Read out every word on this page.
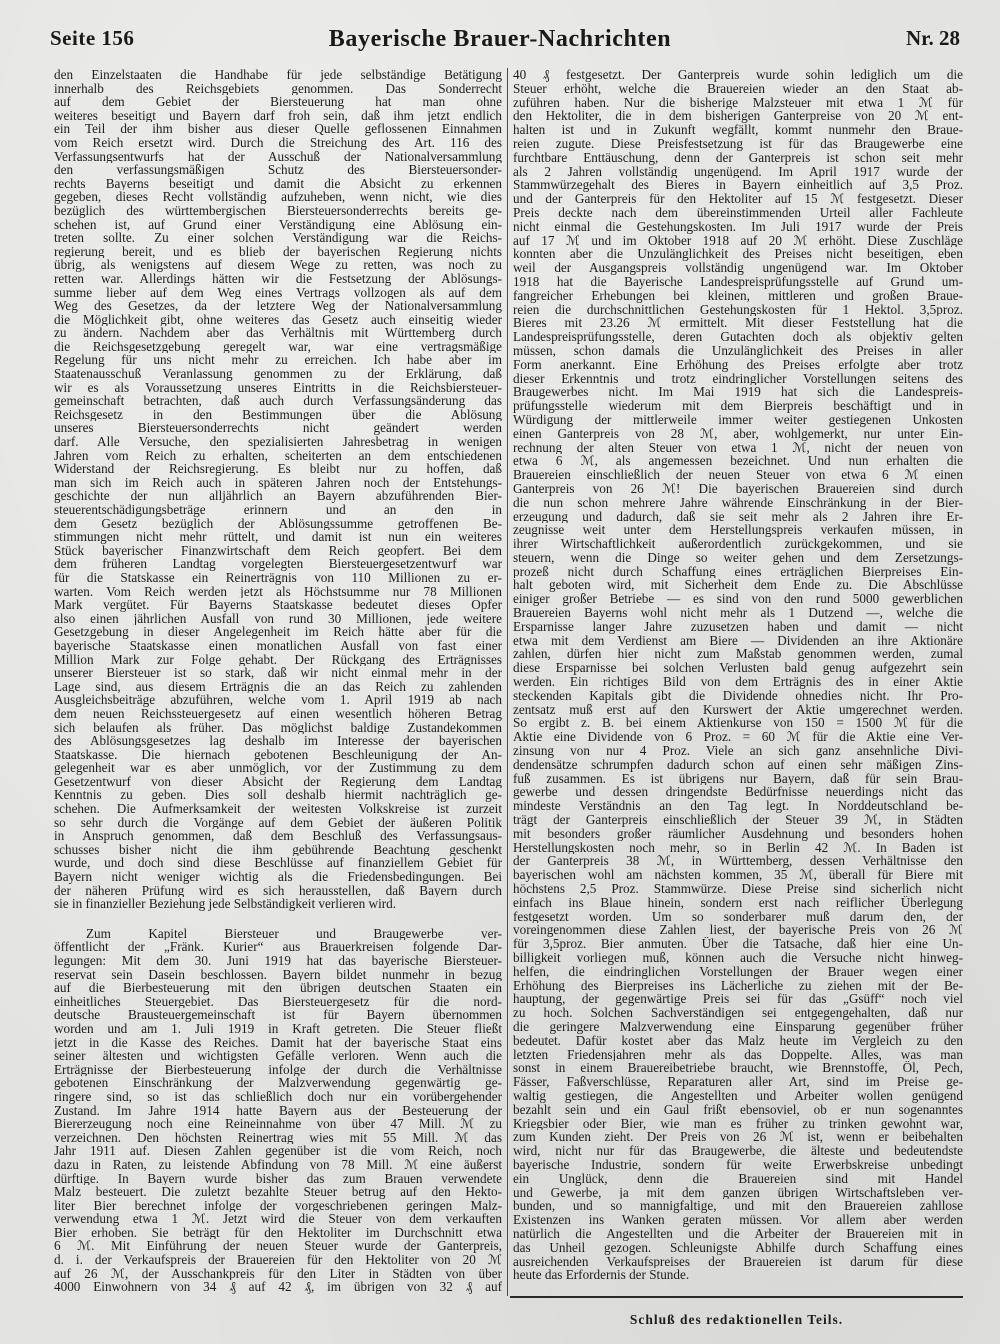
Seite 156	Bayerische Brauer-Nachrichten	Nr. 28
den Einzelstaaten die Handhabe für jede selbständige Betätigung
innerhalb des Reichsgebiets genommen. Das Sonderrecht
auf dem Gebiet der Biersteuerung hat man ohne
weiteres beseitigt und Bayern darf froh sein, daß ihm jetzt endlich
ein Teil der ihm bisher aus dieser Quelle geflossenen Einnahmen
vom Reich ersetzt wird. Durch die Streichung des Art. 116 des
Verfassungsentwurfs hat der Ausschuß der Nationalversammlung
den verfassungsmäßigen Schutz des Biersteuersonder-
rechts Bayerns beseitigt und damit die Absicht zu erkennen
gegeben, dieses Recht vollständig aufzuheben, wenn nicht, wie dies
bezüglich des württembergischen Biersteuersonderrechts bereits ge-
schehen ist, auf Grund einer Verständigung eine Ablösung ein-
treten sollte. Zu einer solchen Verständigung war die Reichs-
regierung bereit, und es blieb der bayerischen Regierung nichts
übrig, als wenigstens auf diesem Wege zu retten, was noch zu
retten war. Allerdings hätten wir die Festsetzung der Ablösungs-
summe lieber auf dem Weg eines Vertrags vollzogen als auf dem
Weg des Gesetzes, da der letztere Weg der Nationalversammlung
die Möglichkeit gibt, ohne weiteres das Gesetz auch einseitig wieder
zu ändern. Nachdem aber das Verhältnis mit Württemberg durch
die Reichsgesetzgebung geregelt war, war eine vertragsmäßige
Regelung für uns nicht mehr zu erreichen. Ich habe aber im
Staatenausschuß Veranlassung genommen zu der Erklärung, daß
wir es als Voraussetzung unseres Eintritts in die Reichsbiersteuer-
gemeinschaft betrachten, daß auch durch Verfassungsänderung das
Reichsgesetz in den Bestimmungen über die Ablösung
unseres Biersteuersonderrechts nicht geändert werden
darf. Alle Versuche, den spezialisierten Jahresbetrag in wenigen
Jahren vom Reich zu erhalten, scheiterten an dem entschiedenen
Widerstand der Reichsregierung. Es bleibt nur zu hoffen, daß
man sich im Reich auch in späteren Jahren noch der Entstehungs-
geschichte der nun alljährlich an Bayern abzuführenden Bier-
steuerentschädigungsbeträge erinnern und an den in
dem Gesetz bezüglich der Ablösungssumme getroffenen Be-
stimmungen nicht mehr rüttelt, und damit ist nun ein weiteres
Stück bayerischer Finanzwirtschaft dem Reich geopfert. Bei dem
dem früheren Landtag vorgelegten Biersteuergesetzentwurf war
für die Statskasse ein Reinerträgnis von 110 Millionen zu er-
warten. Vom Reich werden jetzt als Höchstsumme nur 78 Millionen
Mark vergütet. Für Bayerns Staatskasse bedeutet dieses Opfer
also einen jährlichen Ausfall von rund 30 Millionen, jede weitere
Gesetzgebung in dieser Angelegenheit im Reich hätte aber für die
bayerische Staatskasse einen monatlichen Ausfall von fast einer
Million Mark zur Folge gehabt. Der Rückgang des Erträgnisses
unserer Biersteuer ist so stark, daß wir nicht einmal mehr in der
Lage sind, aus diesem Erträgnis die an das Reich zu zahlenden
Ausgleichsbeiträge abzuführen, welche vom 1. April 1919 ab nach
dem neuen Reichssteuergesetz auf einen wesentlich höheren Betrag
sich belaufen als früher. Das möglichst baldige Zustandekommen
des Ablösungsgesetzes lag deshalb im Interesse der bayerischen
Staatskasse. Die hiernach gebotenen Beschleunigung der An-
gelegenheit war es aber unmöglich, vor der Zustimmung zu dem
Gesetzentwurf von dieser Absicht der Regierung dem Landtag
Kenntnis zu geben. Dies soll deshalb hiermit nachträglich ge-
schehen. Die Aufmerksamkeit der weitesten Volkskreise ist zurzeit
so sehr durch die Vorgänge auf dem Gebiet der äußeren Politik
in Anspruch genommen, daß dem Beschluß des Verfassungsaus-
schusses bisher nicht die ihm gebührende Beachtung geschenkt
wurde, und doch sind diese Beschlüsse auf finanziellem Gebiet für
Bayern nicht weniger wichtig als die Friedensbedingungen. Bei
der näheren Prüfung wird es sich herausstellen, daß Bayern durch
sie in finanzieller Beziehung jede Selbständigkeit verlieren wird.
Zum Kapitel Biersteuer und Braugewerbe ver-
öffentlicht der „Fränk. Kurier“ aus Brauerkreisen folgende Dar-
legungen: Mit dem 30. Juni 1919 hat das bayerische Biersteuer-
reservat sein Dasein beschlossen. Bayern bildet nunmehr in bezug
auf die Bierbesteuerung mit den übrigen deutschen Staaten ein
einheitliches Steuergebiet. Das Biersteuergesetz für die nord-
deutsche Brausteuergemeinschaft ist für Bayern übernommen
worden und am 1. Juli 1919 in Kraft getreten. Die Steuer fließt
jetzt in die Kasse des Reiches. Damit hat der bayerische Staat eins
seiner ältesten und wichtigsten Gefälle verloren. Wenn auch die
Erträgnisse der Bierbesteuerung infolge der durch die Verhältnisse
gebotenen Einschränkung der Malzverwendung gegenwärtig ge-
ringere sind, so ist das schließlich doch nur ein vorübergehender
Zustand. Im Jahre 1914 hatte Bayern aus der Besteuerung der
Biererzeugung noch eine Reineinnahme von über 47 Mill. ℳ zu
verzeichnen. Den höchsten Reinertrag wies mit 55 Mill. ℳ das
Jahr 1911 auf. Diesen Zahlen gegenüber ist die vom Reich, noch
dazu in Raten, zu leistende Abfindung von 78 Mill. ℳ eine äußerst
dürftige. In Bayern wurde bisher das zum Brauen verwendete
Malz besteuert. Die zuletzt bezahlte Steuer betrug auf den Hekto-
liter Bier berechnet infolge der vorgeschriebenen geringen Malz-
verwendung etwa 1 ℳ. Jetzt wird die Steuer von dem verkauften
Bier erhoben. Sie beträgt für den Hektoliter im Durchschnitt etwa
6 ℳ. Mit Einführung der neuen Steuer wurde der Ganterpreis,
d. i. der Verkaufspreis der Brauereien für den Hektoliter von 20 ℳ
auf 26 ℳ, der Ausschankpreis für den Liter in Städten von über
4000 Einwohnern von 34 ₰ auf 42 ₰, im übrigen von 32 ₰ auf
40 ₰ festgesetzt. Der Ganterpreis wurde sohin lediglich um die
Steuer erhöht, welche die Brauereien wieder an den Staat ab-
zuführen haben. Nur die bisherige Malzsteuer mit etwa 1 ℳ für
den Hektoliter, die in dem bisherigen Ganterpreise von 20 ℳ ent-
halten ist und in Zukunft wegfällt, kommt nunmehr den Braue-
reien zugute. Diese Preisfestsetzung ist für das Braugewerbe eine
furchtbare Enttäuschung, denn der Ganterpreis ist schon seit mehr
als 2 Jahren vollständig ungenügend. Im April 1917 wurde der
Stammwürzegehalt des Bieres in Bayern einheitlich auf 3,5 Proz.
und der Ganterpreis für den Hektoliter auf 15 ℳ festgesetzt. Dieser
Preis deckte nach dem übereinstimmenden Urteil aller Fachleute
nicht einmal die Gestehungskosten. Im Juli 1917 wurde der Preis
auf 17 ℳ und im Oktober 1918 auf 20 ℳ erhöht. Diese Zuschläge
konnten aber die Unzulänglichkeit des Preises nicht beseitigen, eben
weil der Ausgangspreis vollständig ungenügend war. Im Oktober
1918 hat die Bayerische Landespreisprüfungsstelle auf Grund um-
fangreicher Erhebungen bei kleinen, mittleren und großen Braue-
reien die durchschnittlichen Gestehungskosten für 1 Hektol. 3,5proz.
Bieres mit 23.26 ℳ ermittelt. Mit dieser Feststellung hat die
Landespreisprüfungsstelle, deren Gutachten doch als objektiv gelten
müssen, schon damals die Unzulänglichkeit des Preises in aller
Form anerkannt. Eine Erhöhung des Preises erfolgte aber trotz
dieser Erkenntnis und trotz eindringlicher Vorstellungen seitens des
Braugewerbes nicht. Im Mai 1919 hat sich die Landespreis-
prüfungsstelle wiederum mit dem Bierpreis beschäftigt und in
Würdigung der mittlerweile immer weiter gestiegenen Unkosten
einen Ganterpreis von 28 ℳ, aber, wohlgemerkt, nur unter Ein-
rechnung der alten Steuer von etwa 1 ℳ, nicht der neuen von
etwa 6 ℳ, als angemessen bezeichnet. Und nun erhalten die
Brauereien einschließlich der neuen Steuer von etwa 6 ℳ einen
Ganterpreis von 26 ℳ! Die bayerischen Brauereien sind durch
die nun schon mehrere Jahre währende Einschränkung in der Bier-
erzeugung und dadurch, daß sie seit mehr als 2 Jahren ihre Er-
zeugnisse weit unter dem Herstellungspreis verkaufen müssen, in
ihrer Wirtschaftlichkeit außerordentlich zurückgekommen, und sie
steuern, wenn die Dinge so weiter gehen und dem Zersetzungs-
prozeß nicht durch Schaffung eines erträglichen Bierpreises Ein-
halt geboten wird, mit Sicherheit dem Ende zu. Die Abschlüsse
einiger großer Betriebe — es sind von den rund 5000 gewerblichen
Brauereien Bayerns wohl nicht mehr als 1 Dutzend —, welche die
Ersparnisse langer Jahre zuzusetzen haben und damit — nicht
etwa mit dem Verdienst am Biere — Dividenden an ihre Aktionäre
zahlen, dürfen hier nicht zum Maßstab genommen werden, zumal
diese Ersparnisse bei solchen Verlusten bald genug aufgezehrt sein
werden. Ein richtiges Bild von dem Erträgnis des in einer Aktie
steckenden Kapitals gibt die Dividende ohnedies nicht. Ihr Pro-
zentsatz muß erst auf den Kurswert der Aktie umgerechnet werden.
So ergibt z. B. bei einem Aktienkurse von 150 = 1500 ℳ für die
Aktie eine Dividende von 6 Proz. = 60 ℳ für die Aktie eine Ver-
zinsung von nur 4 Proz. Viele an sich ganz ansehnliche Divi-
dendensätze schrumpfen dadurch schon auf einen sehr mäßigen Zins-
fuß zusammen. Es ist übrigens nur Bayern, daß für sein Brau-
gewerbe und dessen dringendste Bedürfnisse neuerdings nicht das
mindeste Verständnis an den Tag legt. In Norddeutschland be-
trägt der Ganterpreis einschließlich der Steuer 39 ℳ, in Städten
mit besonders großer räumlicher Ausdehnung und besonders hohen
Herstellungskosten noch mehr, so in Berlin 42 ℳ. In Baden ist
der Ganterpreis 38 ℳ, in Württemberg, dessen Verhältnisse den
bayerischen wohl am nächsten kommen, 35 ℳ, überall für Biere mit
höchstens 2,5 Proz. Stammwürze. Diese Preise sind sicherlich nicht
einfach ins Blaue hinein, sondern erst nach reiflicher Überlegung
festgesetzt worden. Um so sonderbarer muß darum den, der
voreingenommen diese Zahlen liest, der bayerische Preis von 26 ℳ
für 3,5proz. Bier anmuten. Über die Tatsache, daß hier eine Un-
billigkeit vorliegen muß, können auch die Versuche nicht hinweg-
helfen, die eindringlichen Vorstellungen der Brauer wegen einer
Erhöhung des Bierpreises ins Lächerliche zu ziehen mit der Be-
hauptung, der gegenwärtige Preis sei für das „Gsüff“ noch viel
zu hoch. Solchen Sachverständigen sei entgegengehalten, daß nur
die geringere Malzverwendung eine Einsparung gegenüber früher
bedeutet. Dafür kostet aber das Malz heute im Vergleich zu den
letzten Friedensjahren mehr als das Doppelte. Alles, was man
sonst in einem Brauereibetriebe braucht, wie Brennstoffe, Öl, Pech,
Fässer, Faßverschlüsse, Reparaturen aller Art, sind im Preise ge-
waltig gestiegen, die Angestellten und Arbeiter wollen genügend
bezahlt sein und ein Gaul frißt ebensoviel, ob er nun sogenanntes
Kriegsbier oder Bier, wie man es früher zu trinken gewohnt war,
zum Kunden zieht. Der Preis von 26 ℳ ist, wenn er beibehalten
wird, nicht nur für das Braugewerbe, die älteste und bedeutendste
bayerische Industrie, sondern für weite Erwerbskreise unbedingt
ein Unglück, denn die Brauereien sind mit Handel
und Gewerbe, ja mit dem ganzen übrigen Wirtschaftsleben ver-
bunden, und so mannigfaltige, und mit den Brauereien zahllose
Existenzen ins Wanken geraten müssen. Vor allem aber werden
natürlich die Angestellten und die Arbeiter der Brauereien mit in
das Unheil gezogen. Schleunigste Abhilfe durch Schaffung eines
ausreichenden Verkaufspreises der Brauereien ist darum für diese
heute das Erfordernis der Stunde.
Schluß des redaktionellen Teils.
